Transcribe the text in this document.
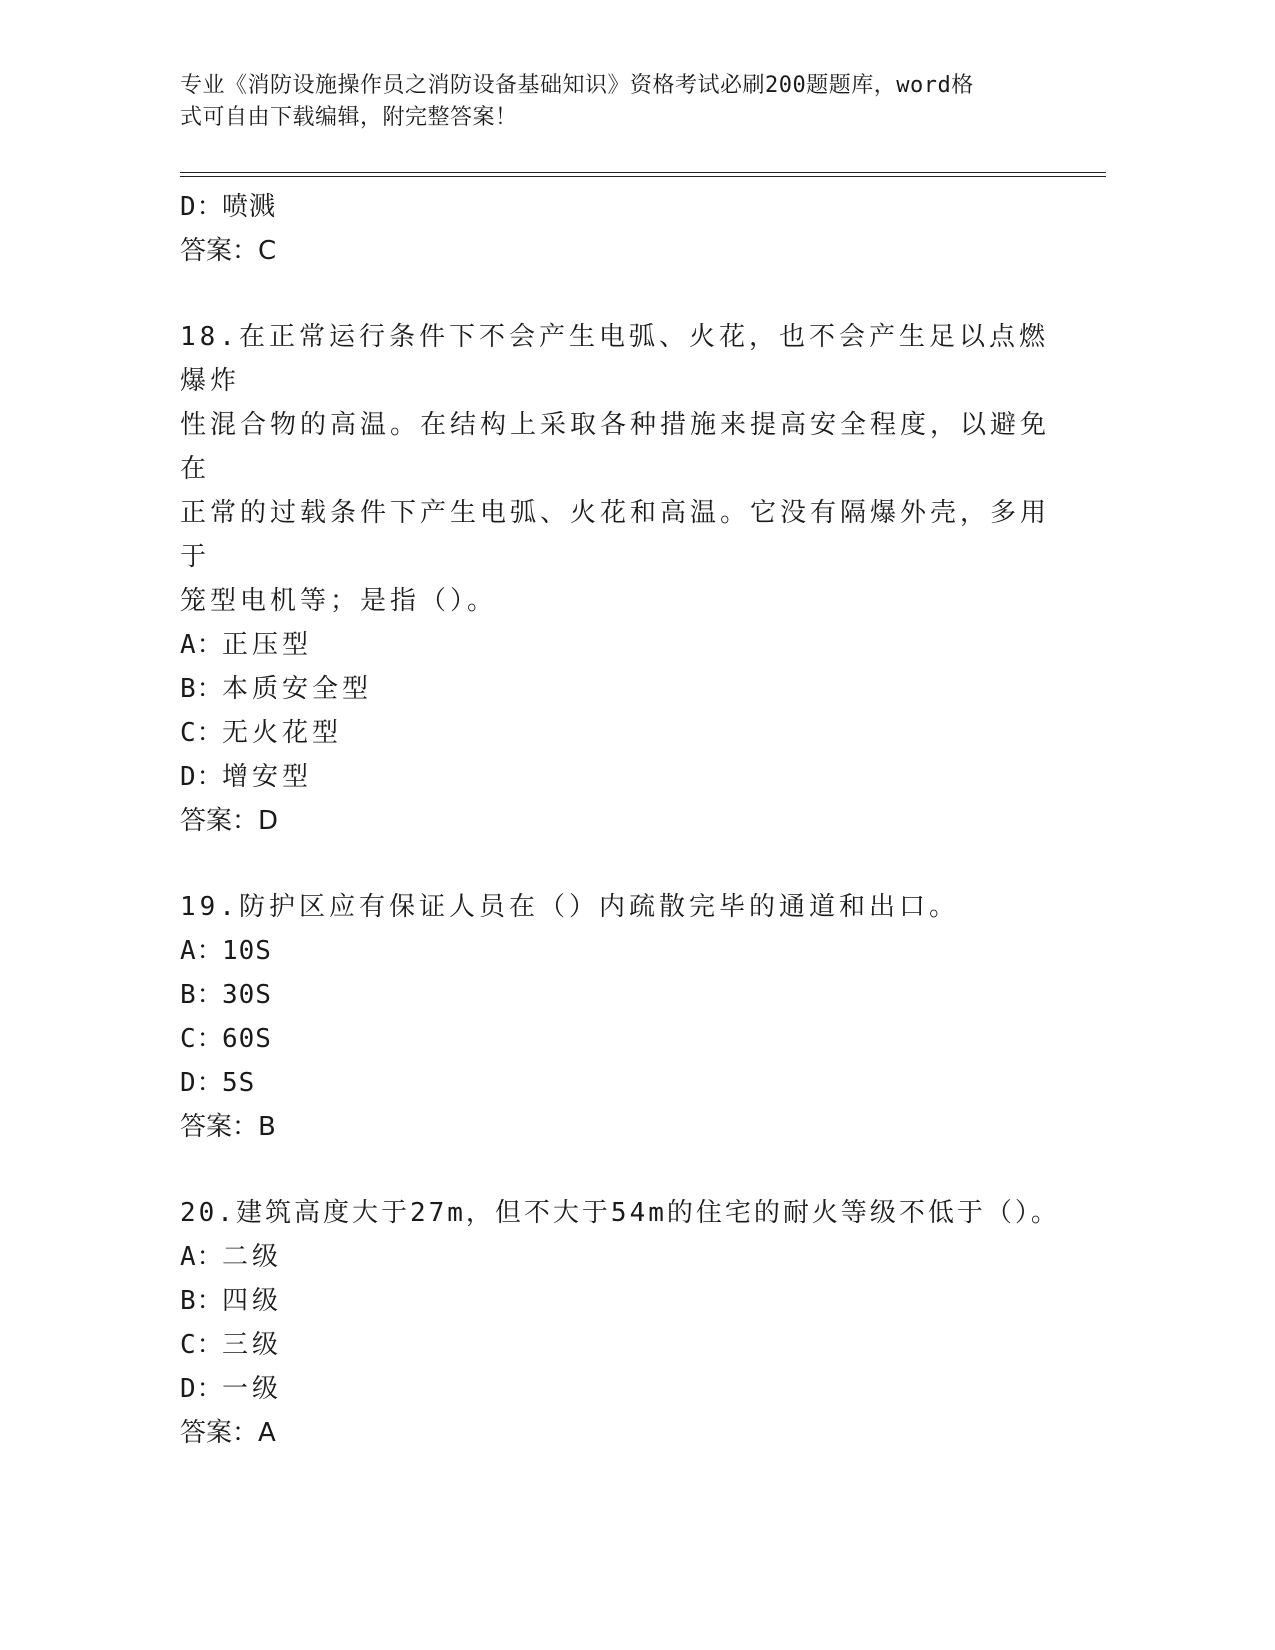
专业《消防设施操作员之消防设备基础知识》资格考试必刷200题题库，word格
式可自由下载编辑，附完整答案！
D：喷溅
答案：C
18.在正常运行条件下不会产生电弧、火花，也不会产生足以点燃爆炸
性混合物的高温。在结构上采取各种措施来提高安全程度，以避免在
正常的过载条件下产生电弧、火花和高温。它没有隔爆外壳，多用于
笼型电机等；是指（）。
A：正压型
B：本质安全型
C：无火花型
D：增安型
答案：D
19.防护区应有保证人员在（）内疏散完毕的通道和出口。
A：10S
B：30S
C：60S
D：5S
答案：B
20.建筑高度大于27m，但不大于54m的住宅的耐火等级不低于（）。
A：二级
B：四级
C：三级
D：一级
答案：A
